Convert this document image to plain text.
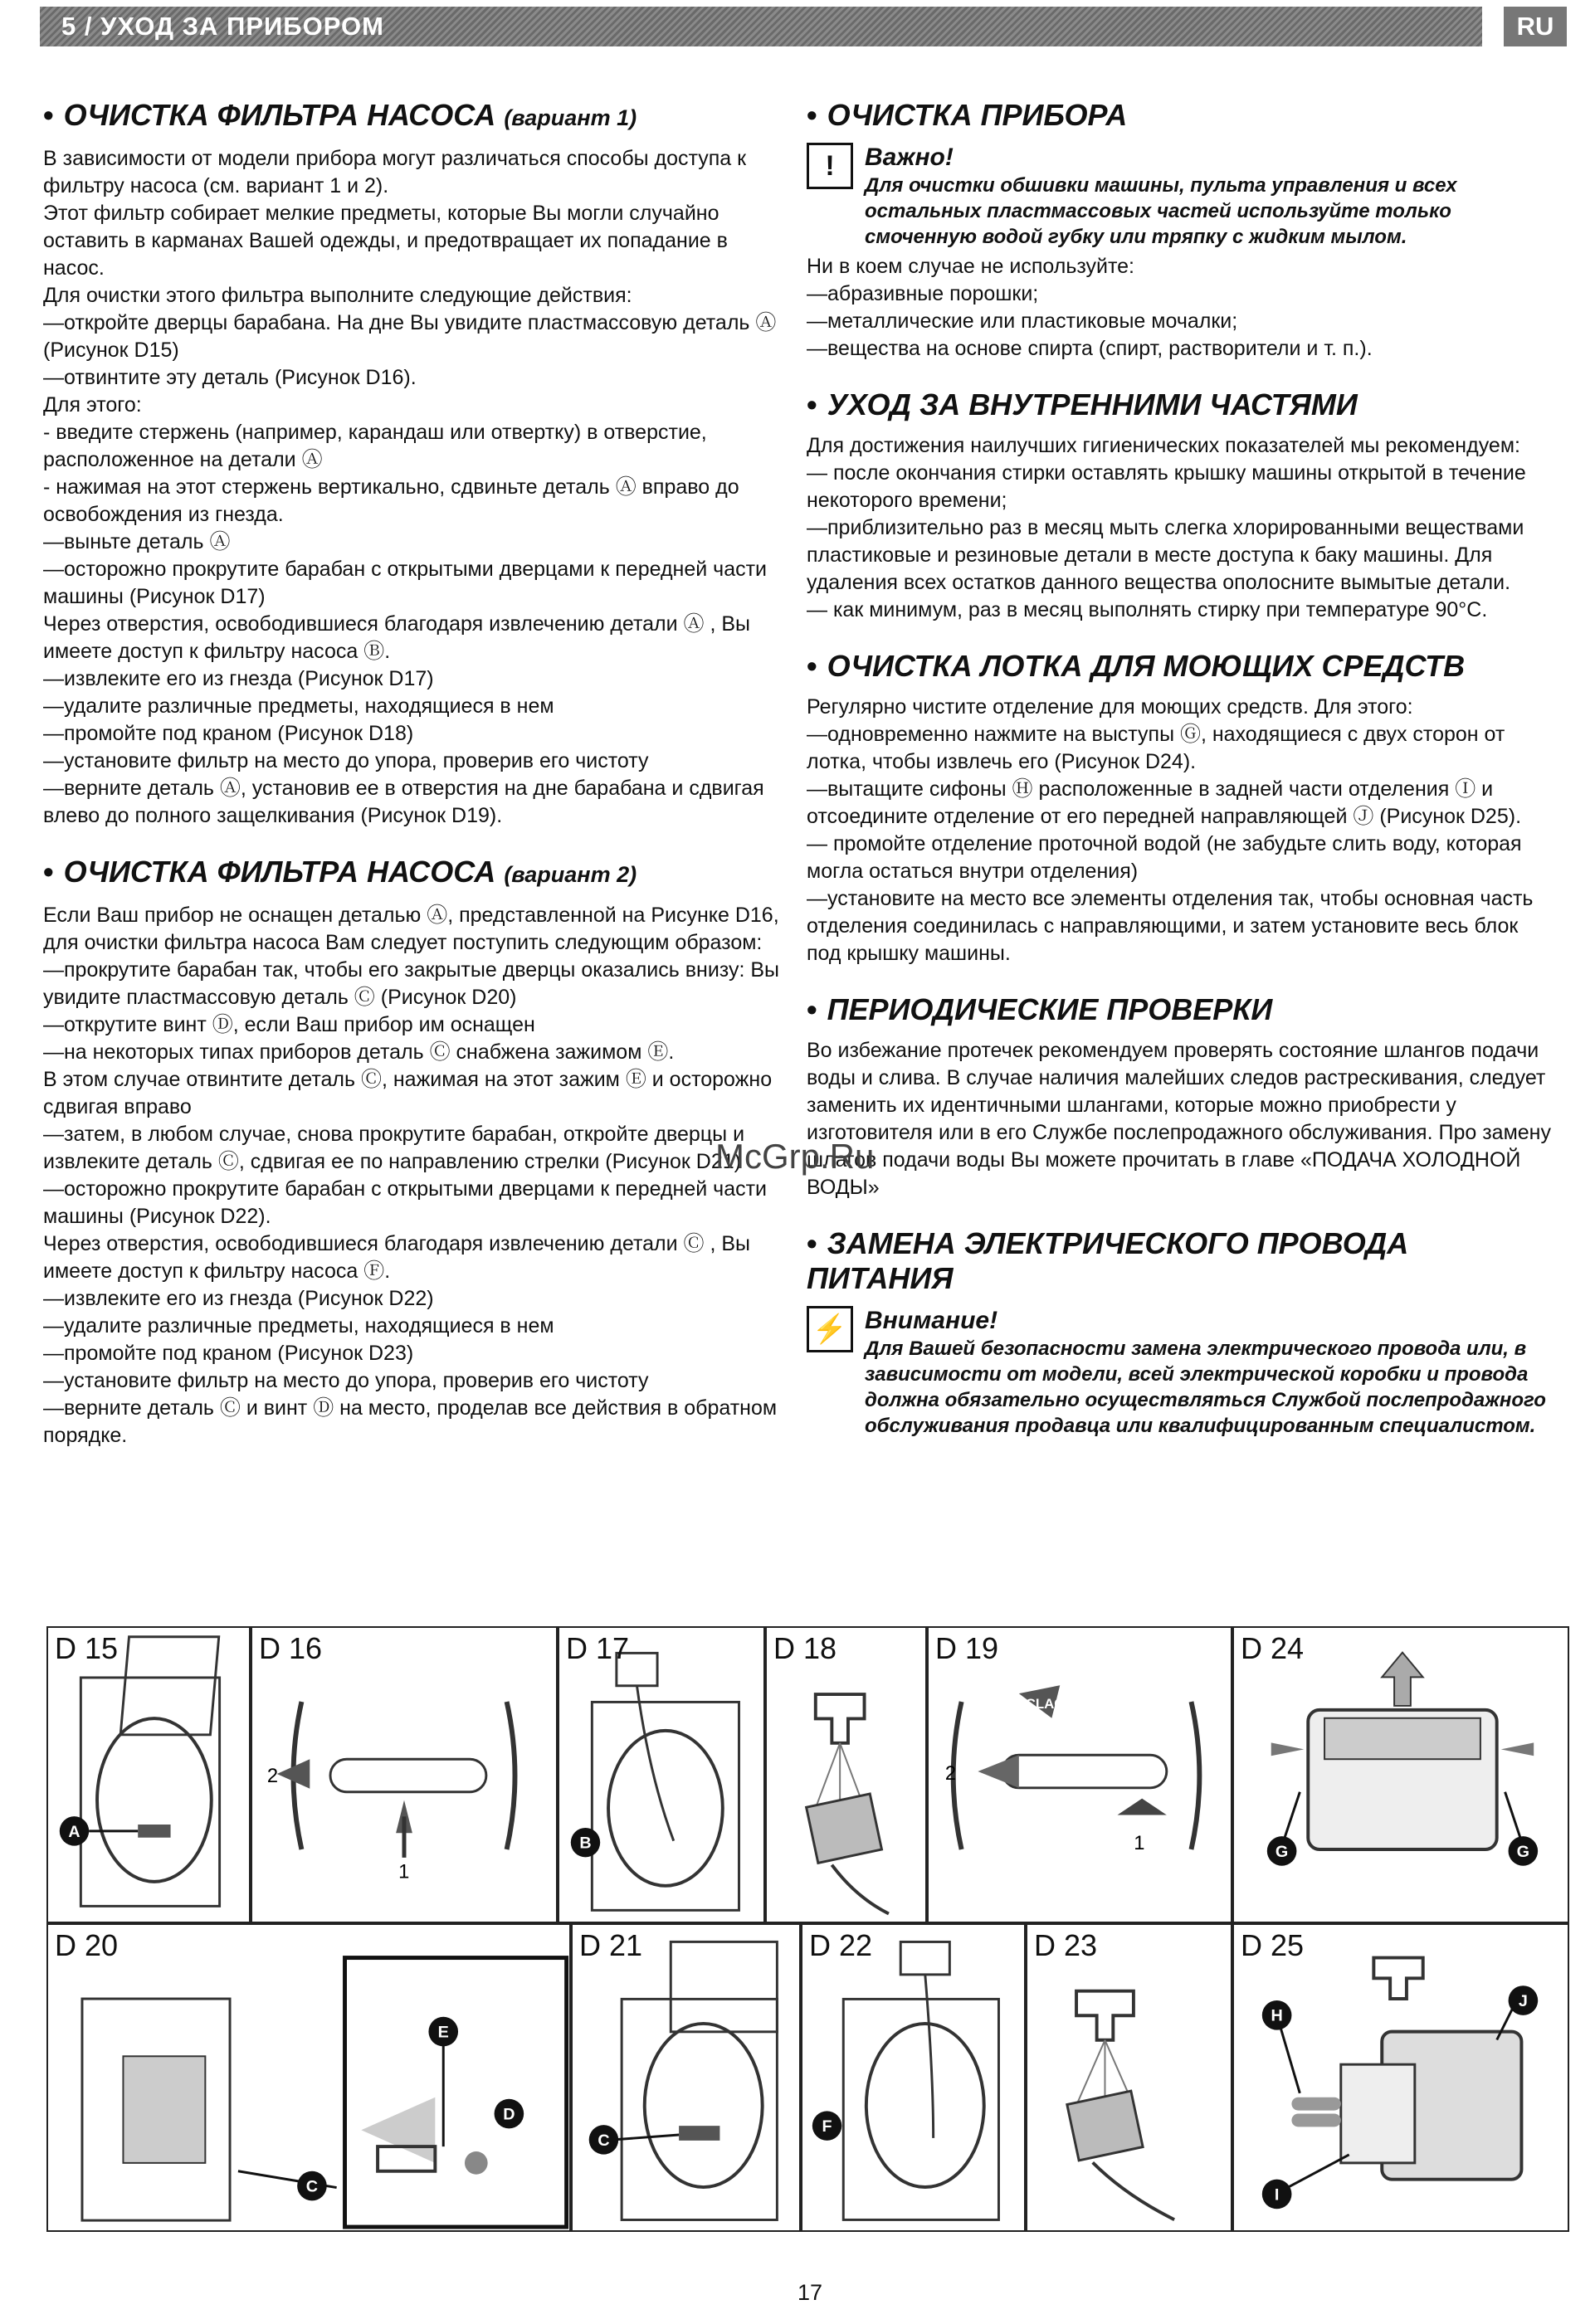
5 / УХОД ЗА ПРИБОРОМ	RU
• ОЧИСТКА ФИЛЬТРА НАСОСА (вариант 1)

В зависимости от модели прибора могут различаться способы доступа к фильтру насоса (см. вариант 1 и 2).

Этот фильтр собирает мелкие предметы, которые Вы могли случайно оставить в карманах Вашей одежды, и предотвращает их попадание в насос.

Для очистки этого фильтра выполните следующие действия:

—откройте дверцы барабана. На дне Вы увидите пластмассовую деталь Ⓐ (Рисунок D15)

—отвинтите эту деталь (Рисунок D16).

Для этого:

- введите стержень (например, карандаш или отвертку) в отверстие, расположенное на детали Ⓐ

- нажимая на этот стержень вертикально, сдвиньте деталь Ⓐ вправо до освобождения из гнезда.

—выньте деталь Ⓐ

—осторожно прокрутите барабан с открытыми дверцами к передней части машины (Рисунок D17)

Через отверстия, освободившиеся благодаря извлечению детали Ⓐ , Вы имеете доступ к фильтру насоса Ⓑ.

—извлеките его из гнезда (Рисунок D17)

—удалите различные предметы, находящиеся в нем

—промойте под краном (Рисунок D18)

—установите фильтр на место до упора, проверив его чистоту

—верните деталь Ⓐ, установив ее в отверстия на дне барабана и сдвигая влево до полного защелкивания (Рисунок D19).

• ОЧИСТКА ФИЛЬТРА НАСОСА (вариант 2)

Если Ваш прибор не оснащен деталью Ⓐ, представленной на Рисунке D16, для очистки фильтра насоса Вам следует поступить следующим образом:

—прокрутите барабан так, чтобы его закрытые дверцы оказались внизу: Вы увидите пластмассовую деталь Ⓒ (Рисунок D20)

—открутите винт Ⓓ, если Ваш прибор им оснащен

—на некоторых типах приборов деталь Ⓒ снабжена зажимом Ⓔ.

В этом случае отвинтите деталь Ⓒ, нажимая на этот зажим Ⓔ и осторожно сдвигая вправо

—затем, в любом случае, снова прокрутите барабан, откройте дверцы и извлеките деталь Ⓒ, сдвигая ее по направлению стрелки (Рисунок D21)

—осторожно прокрутите барабан с открытыми дверцами к передней части машины (Рисунок D22).

Через отверстия, освободившиеся благодаря извлечению детали Ⓒ , Вы имеете доступ к фильтру насоса Ⓕ.

—извлеките его из гнезда (Рисунок D22)

—удалите различные предметы, находящиеся в нем

—промойте под краном (Рисунок D23)

—установите фильтр на место до упора, проверив его чистоту

—верните деталь Ⓒ и винт Ⓓ на место, проделав все действия в обратном порядке.

• ОЧИСТКА ПРИБОРА
!	Важно!
Для очистки обшивки машины, пульта управления и всех остальных пластмассовых частей используйте только смоченную водой губку или тряпку с жидким мылом.

Ни в коем случае не используйте:

—абразивные порошки;

—металлические или пластиковые мочалки;

—вещества на основе спирта (спирт, растворители и т. п.).

• УХОД ЗА ВНУТРЕННИМИ ЧАСТЯМИ

Для достижения наилучших гигиенических показателей мы рекомендуем:

— после окончания стирки оставлять крышку машины открытой в течение некоторого времени;

—приблизительно раз в месяц мыть слегка хлорированными веществами пластиковые и резиновые детали в месте доступа к баку машины. Для удаления всех остатков данного вещества ополосните вымытые детали.

— как минимум, раз в месяц выполнять стирку при температуре 90°С.

• ОЧИСТКА ЛОТКА ДЛЯ МОЮЩИХ СРЕДСТВ

Регулярно чистите отделение для моющих средств. Для этого:

—одновременно нажмите на выступы Ⓖ, находящиеся с двух сторон от лотка, чтобы извлечь его (Рисунок D24).

—вытащите сифоны Ⓗ расположенные в задней части отделения Ⓘ и отсоедините отделение от его передней направляющей Ⓙ (Рисунок D25).

— промойте отделение проточной водой (не забудьте слить воду, которая могла остаться внутри отделения)

—установите на место все элементы отделения так, чтобы основная часть отделения соединилась с направляющими, и затем установите весь блок под крышку машины.

• ПЕРИОДИЧЕСКИЕ ПРОВЕРКИ

Во избежание протечек рекомендуем проверять состояние шлангов подачи воды и слива. В случае наличия малейших следов растрескивания, следует заменить их идентичными шлангами, которые можно приобрести у изготовителя или в его Службе послепродажного обслуживания. Про замену шлагов подачи воды Вы можете прочитать в главе «ПОДАЧА ХОЛОДНОЙ ВОДЫ»

• ЗАМЕНА ЭЛЕКТРИЧЕСКОГО ПРОВОДА ПИТАНИЯ
⚡ Внимание!
Для Вашей безопасности замена электрического провода или, в зависимости от модели, всей электрической коробки и провода должна обязательно осуществляться Службой послепродажного обслуживания продавца или квалифицированным специалистом.
McGrp.Ru
A
D 15
2
1
D 16
B
D 17	D 18
CLAC
2
1
D 19
G	G
D 24
E
D
C
D 20
C
D 21
F
D 22	D 23
H
J
I
D 25
17
